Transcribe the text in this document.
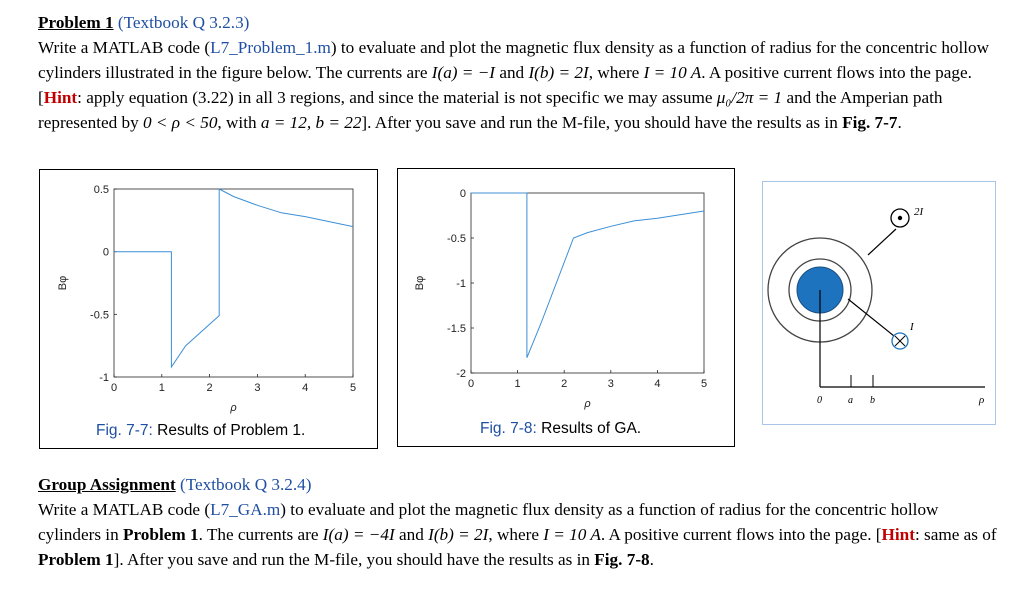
Problem 1 (Textbook Q 3.2.3)
Write a MATLAB code (L7_Problem_1.m) to evaluate and plot the magnetic flux density as a function of radius for the concentric hollow cylinders illustrated in the figure below. The currents are I(a) = −I and I(b) = 2I, where I = 10 A. A positive current flows into the page. [Hint: apply equation (3.22) in all 3 regions, and since the material is not specific we may assume μ₀/2π = 1 and the Amperian path represented by 0 < ρ < 50, with a = 12, b = 22]. After you save and run the M-file, you should have the results as in Fig. 7-7.
0	1	2	3	4	5
0.5
0
-0.5
-1
ρ
Bφ
Fig. 7-7: Results of Problem 1.
0	1	2	3	4	5
0
-0.5
-1
-1.5
-2
ρ
Bφ
Fig. 7-8: Results of GA.
2I
I
0	a b	ρ
Group Assignment (Textbook Q 3.2.4)
Write a MATLAB code (L7_GA.m) to evaluate and plot the magnetic flux density as a function of radius for the concentric hollow cylinders in Problem 1. The currents are I(a) = −4I and I(b) = 2I, where I = 10 A. A positive current flows into the page. [Hint: same as of Problem 1]. After you save and run the M-file, you should have the results as in Fig. 7-8.
